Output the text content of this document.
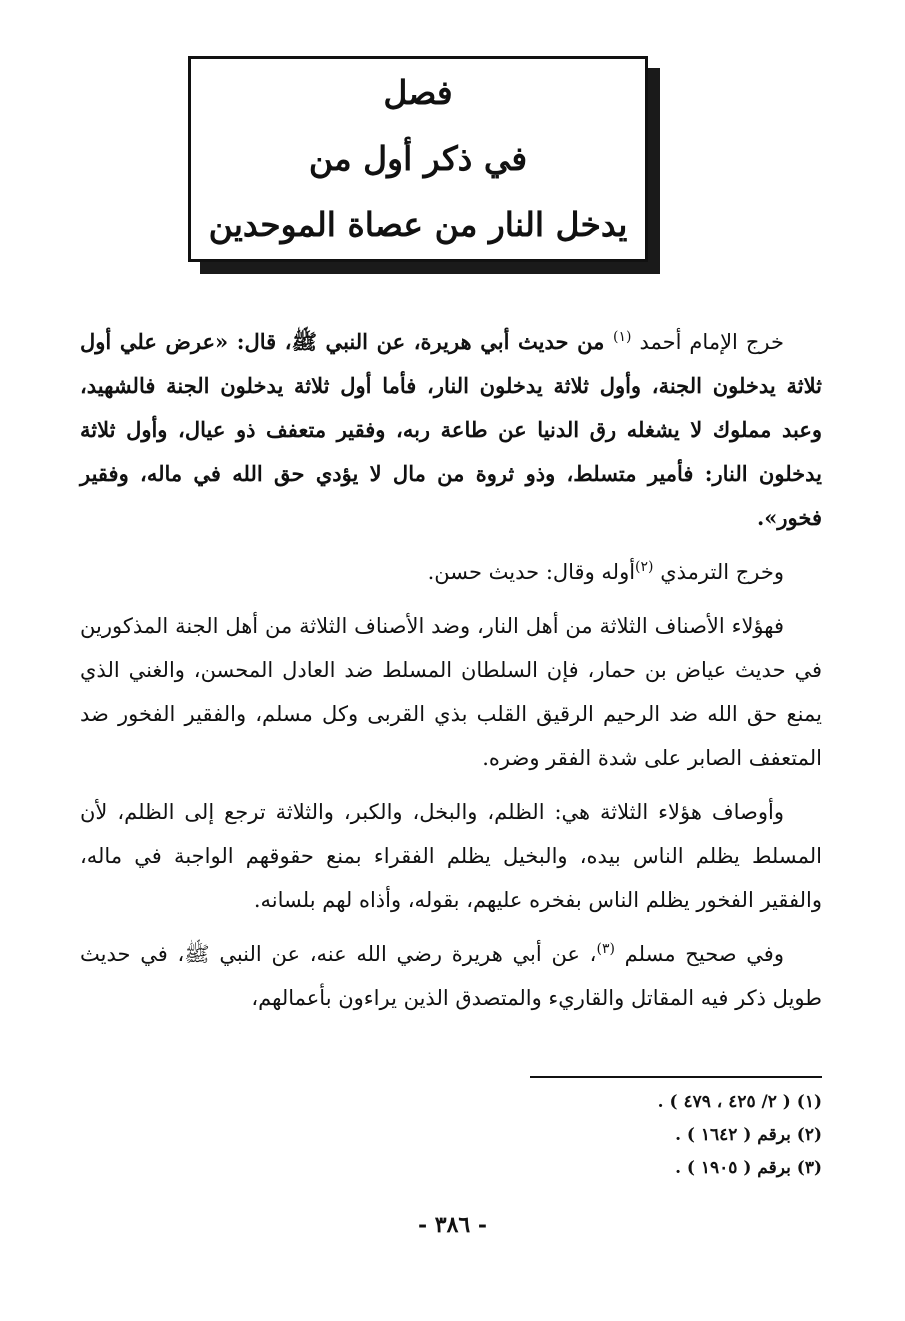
فصل
في ذكر أول من
يدخل النار من عصاة الموحدين

خرج الإمام أحمد $^{(١)}$ من حديث أبي هريرة، عن النبي ﷺ، قال: «عرض علي أول ثلاثة يدخلون الجنة، وأول ثلاثة يدخلون النار، فأما أول ثلاثة يدخلون الجنة فالشهيد، وعبد مملوك لا يشغله رق الدنيا عن طاعة ربه، وفقير متعفف ذو عيال، وأول ثلاثة يدخلون النار: فأمير متسلط، وذو ثروة من مال لا يؤدي حق الله في ماله، وفقير فخور».

وخرج الترمذي $^{(٢)}$أوله وقال: حديث حسن.

فهؤلاء الأصناف الثلاثة من أهل النار، وضد الأصناف الثلاثة من أهل الجنة المذكورين في حديث عياض بن حمار، فإن السلطان المسلط ضد العادل المحسن، والغني الذي يمنع حق الله ضد الرحيم الرقيق القلب بذي القربى وكل مسلم، والفقير الفخور ضد المتعفف الصابر على شدة الفقر وضره.

وأوصاف هؤلاء الثلاثة هي: الظلم، والبخل، والكبر، والثلاثة ترجع إلى الظلم، لأن المسلط يظلم الناس بيده، والبخيل يظلم الفقراء بمنع حقوقهم الواجبة في ماله، والفقير الفخور يظلم الناس بفخره عليهم، بقوله، وأذاه لهم بلسانه.

وفي صحيح مسلم $^{(٣)}$، عن أبي هريرة رضي الله عنه، عن النبي ﷺ، في حديث طويل ذكر فيه المقاتل والقاريء والمتصدق الذين يراءون بأعمالهم،

(١) ( ٢/ ٤٢٥ ، ٤٧٩ ) .
(٢) برقم ( ١٦٤٢ ) .
(٣) برقم ( ١٩٠٥ ) .
- ٣٨٦ -
